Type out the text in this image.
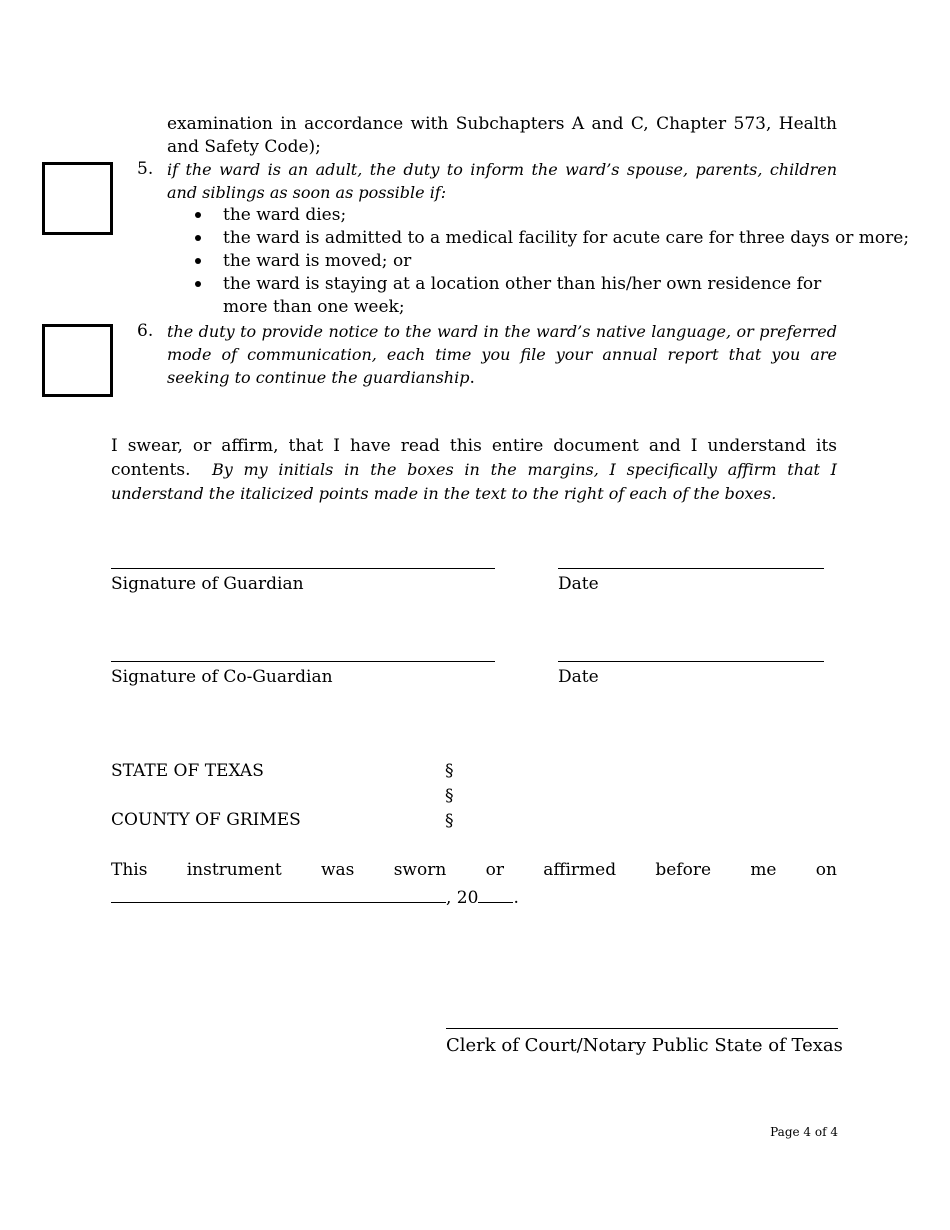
examination in accordance with Subchapters A and C, Chapter 573, Health and Safety Code);
5. if the ward is an adult, the duty to inform the ward’s spouse, parents, children and siblings as soon as possible if:
the ward dies;
the ward is admitted to a medical facility for acute care for three days or more;
the ward is moved; or
the ward is staying at a location other than his/her own residence for more than one week;
6. the duty to provide notice to the ward in the ward’s native language, or preferred mode of communication, each time you file your annual report that you are seeking to continue the guardianship.
I swear, or affirm, that I have read this entire document and I understand its contents. By my initials in the boxes in the margins, I specifically affirm that I understand the italicized points made in the text to the right of each of the boxes.
Signature of Guardian	Date
Signature of Co-Guardian	Date
STATE OF TEXAS
COUNTY OF GRIMES
§
§
§
This instrument was sworn or affirmed before me on
, 20 .
Clerk of Court/Notary Public State of Texas
Page 4 of 4
